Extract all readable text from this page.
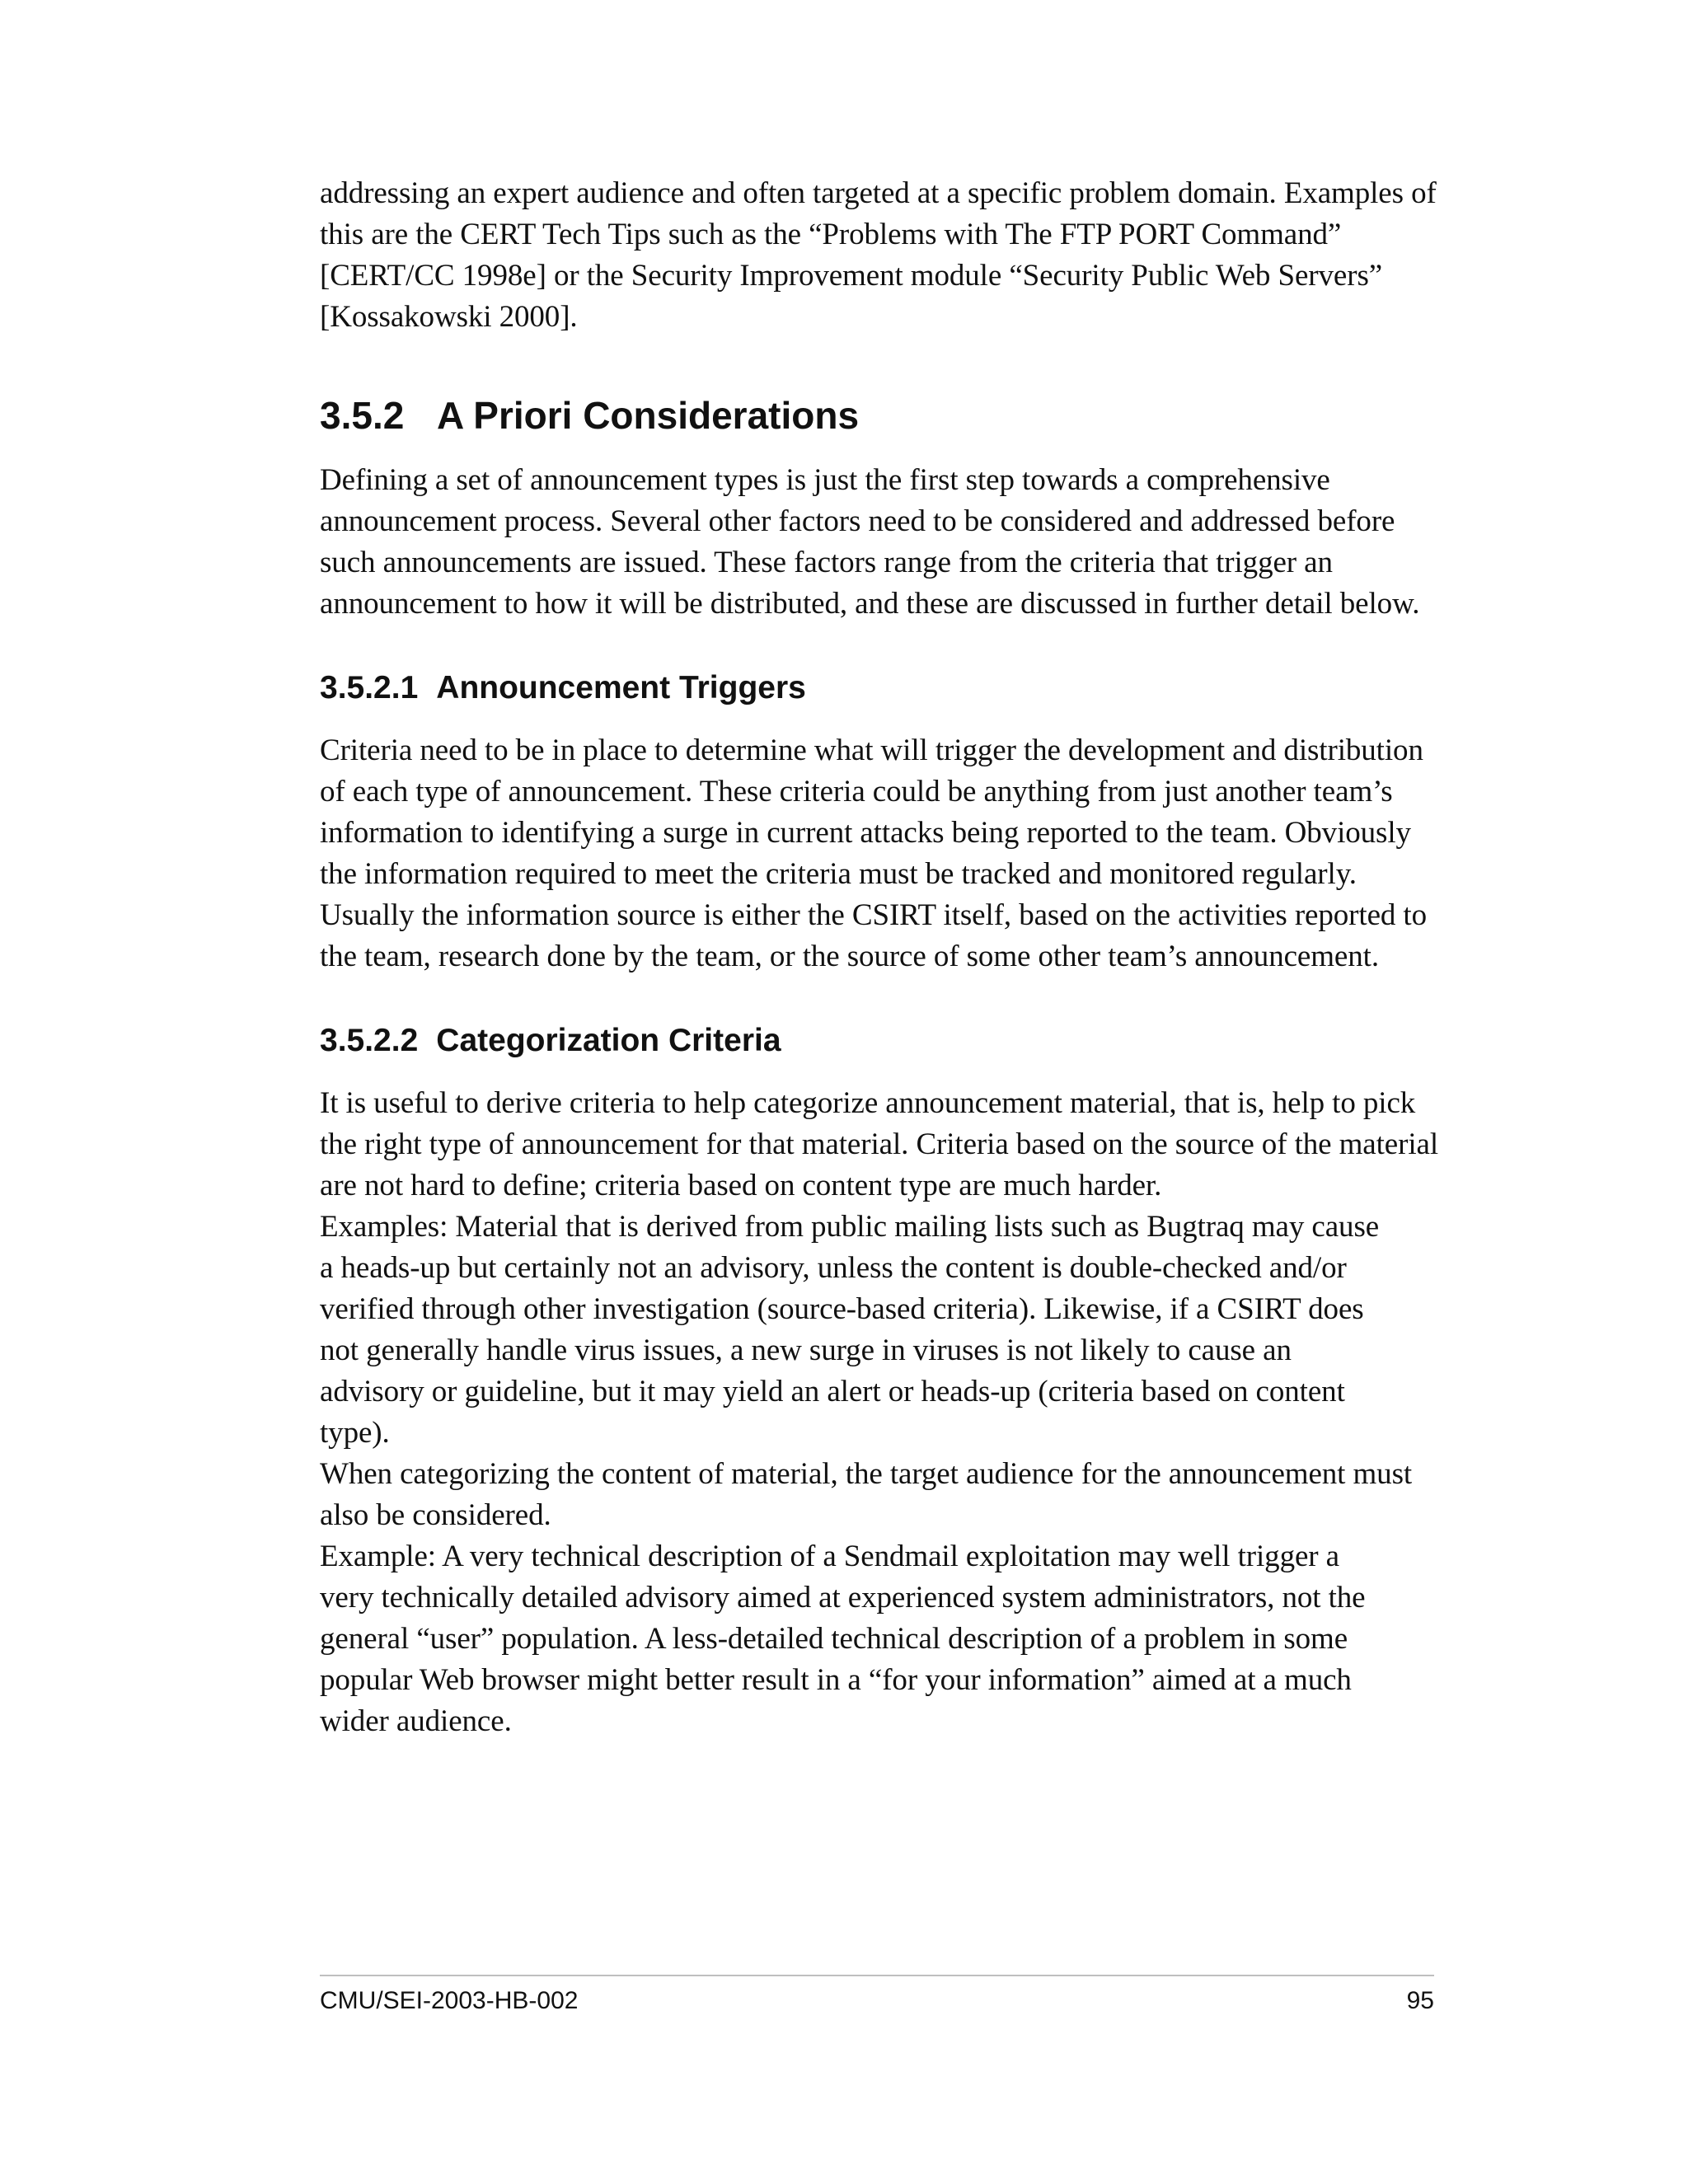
addressing an expert audience and often targeted at a specific problem domain. Examples of this are the CERT Tech Tips such as the “Problems with The FTP PORT Command” [CERT/CC 1998e] or the Security Improvement module “Security Public Web Servers” [Kossakowski 2000].

3.5.2 A Priori Considerations

Defining a set of announcement types is just the first step towards a comprehensive announcement process. Several other factors need to be considered and addressed before such announcements are issued. These factors range from the criteria that trigger an announcement to how it will be distributed, and these are discussed in further detail below.

3.5.2.1 Announcement Triggers

Criteria need to be in place to determine what will trigger the development and distribution of each type of announcement. These criteria could be anything from just another team’s information to identifying a surge in current attacks being reported to the team. Obviously the information required to meet the criteria must be tracked and monitored regularly. Usually the information source is either the CSIRT itself, based on the activities reported to the team, research done by the team, or the source of some other team’s announcement.

3.5.2.2 Categorization Criteria

It is useful to derive criteria to help categorize announcement material, that is, help to pick the right type of announcement for that material. Criteria based on the source of the material are not hard to define; criteria based on content type are much harder.

Examples: Material that is derived from public mailing lists such as Bugtraq may cause a heads-up but certainly not an advisory, unless the content is double-checked and/or verified through other investigation (source-based criteria). Likewise, if a CSIRT does not generally handle virus issues, a new surge in viruses is not likely to cause an advisory or guideline, but it may yield an alert or heads-up (criteria based on content type).

When categorizing the content of material, the target audience for the announcement must also be considered.

Example: A very technical description of a Sendmail exploitation may well trigger a very technically detailed advisory aimed at experienced system administrators, not the general “user” population. A less-detailed technical description of a problem in some popular Web browser might better result in a “for your information” aimed at a much wider audience.

CMU/SEI-2003-HB-002	95
